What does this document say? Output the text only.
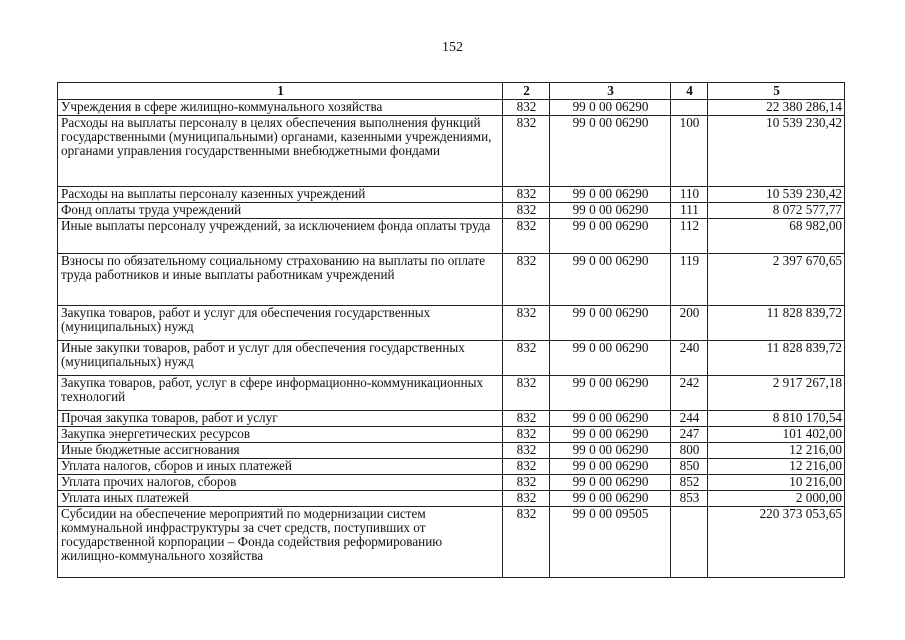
152
1	2	3	4	5
Учреждения в сфере жилищно-коммунального хозяйства	832	99 0 00 06290		22 380 286,14
Расходы на выплаты персоналу в целях обеспечения выполнения функций государственными (муниципальными) органами, казенными учреждениями, органами управления государственными внебюджетными фондами	832	99 0 00 06290	100	10 539 230,42
Расходы на выплаты персоналу казенных учреждений	832	99 0 00 06290	110	10 539 230,42
Фонд оплаты труда учреждений	832	99 0 00 06290	111	8 072 577,77
Иные выплаты персоналу учреждений, за исключением фонда оплаты труда	832	99 0 00 06290	112	68 982,00
Взносы по обязательному социальному страхованию на выплаты по оплате труда работников и иные выплаты работникам учреждений	832	99 0 00 06290	119	2 397 670,65
Закупка товаров, работ и услуг для обеспечения государственных (муниципальных) нужд	832	99 0 00 06290	200	11 828 839,72
Иные закупки товаров, работ и услуг для обеспечения государственных (муниципальных) нужд	832	99 0 00 06290	240	11 828 839,72
Закупка товаров, работ, услуг в сфере информационно-коммуникационных технологий	832	99 0 00 06290	242	2 917 267,18
Прочая закупка товаров, работ и услуг	832	99 0 00 06290	244	8 810 170,54
Закупка энергетических ресурсов	832	99 0 00 06290	247	101 402,00
Иные бюджетные ассигнования	832	99 0 00 06290	800	12 216,00
Уплата налогов, сборов и иных платежей	832	99 0 00 06290	850	12 216,00
Уплата прочих налогов, сборов	832	99 0 00 06290	852	10 216,00
Уплата иных платежей	832	99 0 00 06290	853	2 000,00
Субсидии на обеспечение мероприятий по модернизации систем коммунальной инфраструктуры за счет средств, поступивших от государственной корпорации – Фонда содействия реформированию жилищно-коммунального хозяйства	832	99 0 00 09505		220 373 053,65
